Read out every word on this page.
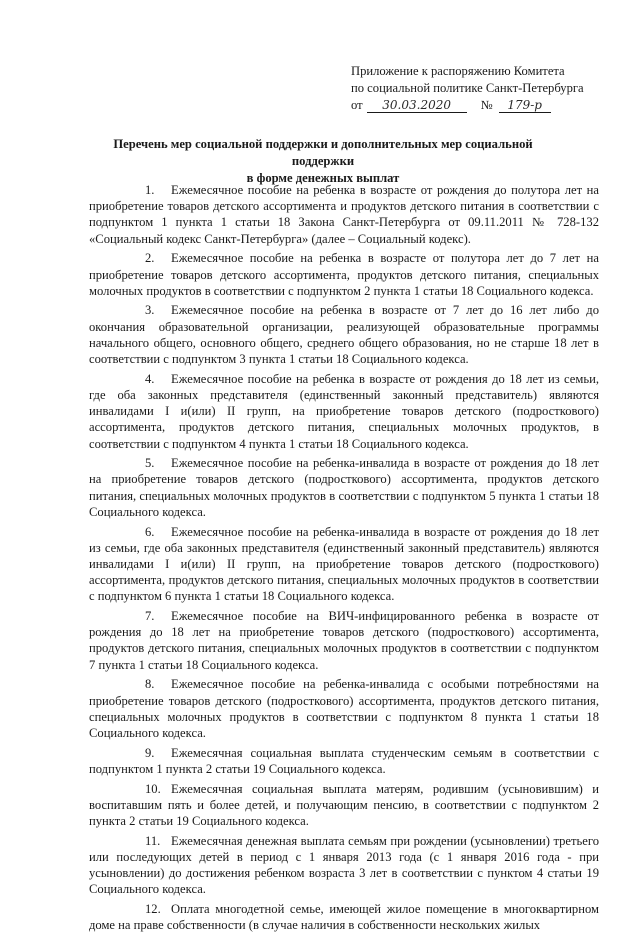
Приложение к распоряжению Комитета
по социальной политике Санкт-Петербурга
от 30.03.2020 № 179-р
Перечень мер социальной поддержки и дополнительных мер социальной поддержки
в форме денежных выплат

1. Ежемесячное пособие на ребенка в возрасте от рождения до полутора лет на приобретение товаров детского ассортимента и продуктов детского питания в соответствии с подпунктом 1 пункта 1 статьи 18 Закона Санкт-Петербурга от 09.11.2011 № 728-132 «Социальный кодекс Санкт-Петербурга» (далее – Социальный кодекс).

2. Ежемесячное пособие на ребенка в возрасте от полутора лет до 7 лет на приобретение товаров детского ассортимента, продуктов детского питания, специальных молочных продуктов в соответствии с подпунктом 2 пункта 1 статьи 18 Социального кодекса.

3. Ежемесячное пособие на ребенка в возрасте от 7 лет до 16 лет либо до окончания образовательной организации, реализующей образовательные программы начального общего, основного общего, среднего общего образования, но не старше 18 лет в соответствии с подпунктом 3 пункта 1 статьи 18 Социального кодекса.

4. Ежемесячное пособие на ребенка в возрасте от рождения до 18 лет из семьи, где оба законных представителя (единственный законный представитель) являются инвалидами I и(или) II групп, на приобретение товаров детского (подросткового) ассортимента, продуктов детского питания, специальных молочных продуктов, в соответствии с подпунктом 4 пункта 1 статьи 18 Социального кодекса.

5. Ежемесячное пособие на ребенка-инвалида в возрасте от рождения до 18 лет на приобретение товаров детского (подросткового) ассортимента, продуктов детского питания, специальных молочных продуктов в соответствии с подпунктом 5 пункта 1 статьи 18 Социального кодекса.

6. Ежемесячное пособие на ребенка-инвалида в возрасте от рождения до 18 лет из семьи, где оба законных представителя (единственный законный представитель) являются инвалидами I и(или) II групп, на приобретение товаров детского (подросткового) ассортимента, продуктов детского питания, специальных молочных продуктов в соответствии с подпунктом 6 пункта 1 статьи 18 Социального кодекса.

7. Ежемесячное пособие на ВИЧ-инфицированного ребенка в возрасте от рождения до 18 лет на приобретение товаров детского (подросткового) ассортимента, продуктов детского питания, специальных молочных продуктов в соответствии с подпунктом 7 пункта 1 статьи 18 Социального кодекса.

8. Ежемесячное пособие на ребенка-инвалида с особыми потребностями на приобретение товаров детского (подросткового) ассортимента, продуктов детского питания, специальных молочных продуктов в соответствии с подпунктом 8 пункта 1 статьи 18 Социального кодекса.

9. Ежемесячная социальная выплата студенческим семьям в соответствии с подпунктом 1 пункта 2 статьи 19 Социального кодекса.

10. Ежемесячная социальная выплата матерям, родившим (усыновившим) и воспитавшим пять и более детей, и получающим пенсию, в соответствии с подпунктом 2 пункта 2 статьи 19 Социального кодекса.

11. Ежемесячная денежная выплата семьям при рождении (усыновлении) третьего или последующих детей в период с 1 января 2013 года (с 1 января 2016 года - при усыновлении) до достижения ребенком возраста 3 лет в соответствии с пунктом 4 статьи 19 Социального кодекса.

12. Оплата многодетной семье, имеющей жилое помещение в многоквартирном доме на праве собственности (в случае наличия в собственности нескольких жилых
